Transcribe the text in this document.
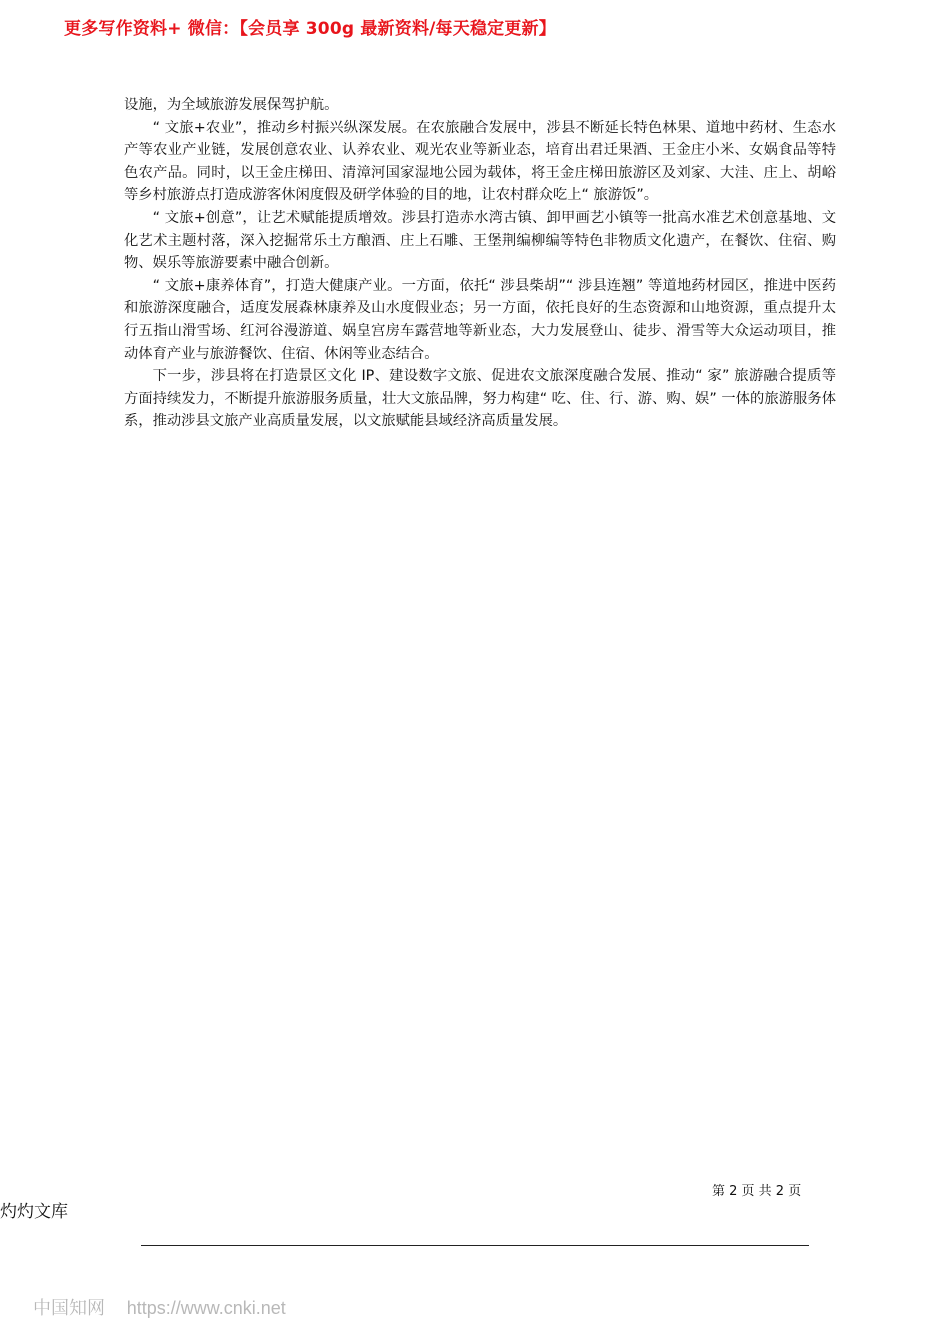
更多写作资料+ 微信：【会员享 300g 最新资料/每天稳定更新】

设施，为全域旅游发展保驾护航。

“ 文旅+农业”，推动乡村振兴纵深发展。在农旅融合发展中，涉县不断延长特色林果、道地中药材、生态水产等农业产业链，发展创意农业、认养农业、观光农业等新业态，培育出君迁果酒、王金庄小米、女娲食品等特色农产品。同时，以王金庄梯田、清漳河国家湿地公园为载体，将王金庄梯田旅游区及刘家、大洼、庄上、胡峪等乡村旅游点打造成游客休闲度假及研学体验的目的地，让农村群众吃上“ 旅游饭”。

“ 文旅+创意”，让艺术赋能提质增效。涉县打造赤水湾古镇、卸甲画艺小镇等一批高水准艺术创意基地、文化艺术主题村落，深入挖掘常乐土方酿酒、庄上石雕、王堡荆编柳编等特色非物质文化遗产，在餐饮、住宿、购物、娱乐等旅游要素中融合创新。

“ 文旅+康养体育”，打造大健康产业。一方面，依托“ 涉县柴胡”“ 涉县连翘” 等道地药材园区，推进中医药和旅游深度融合，适度发展森林康养及山水度假业态；另一方面，依托良好的生态资源和山地资源，重点提升太行五指山滑雪场、红河谷漫游道、娲皇宫房车露营地等新业态，大力发展登山、徒步、滑雪等大众运动项目，推动体育产业与旅游餐饮、住宿、休闲等业态结合。

下一步，涉县将在打造景区文化 IP、建设数字文旅、促进农文旅深度融合发展、推动“ 家” 旅游融合提质等方面持续发力，不断提升旅游服务质量，壮大文旅品牌，努力构建“ 吃、住、行、游、购、娱” 一体的旅游服务体系，推动涉县文旅产业高质量发展，以文旅赋能县域经济高质量发展。

第 2 页 共 2 页
灼灼文库
中国知网 https://www.cnki.net
